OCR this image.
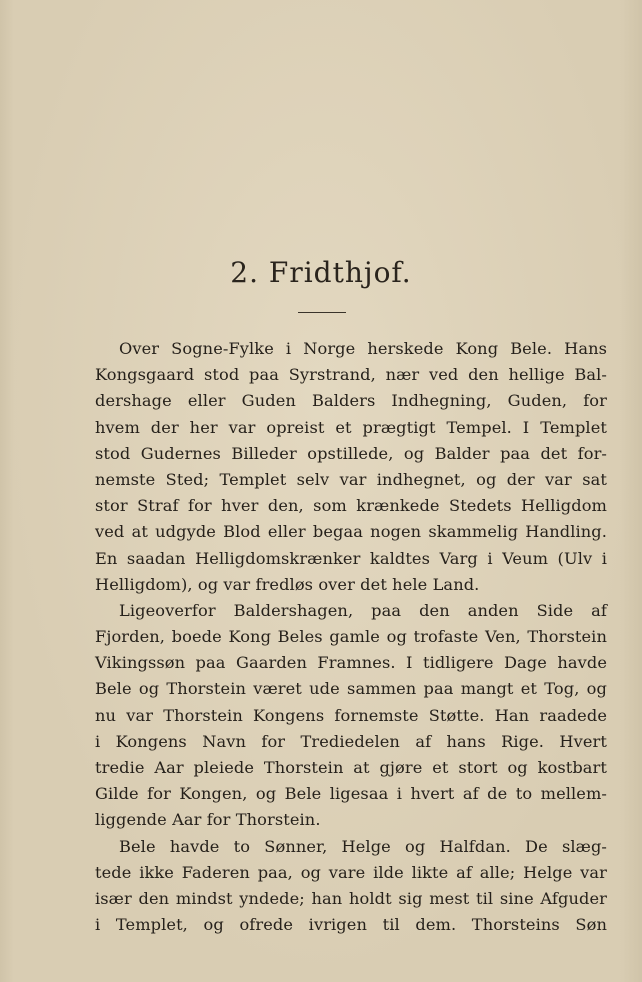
2. Fridthjof.
Over Sogne-Fylke i Norge herskede Kong Bele. Hans
Kongsgaard stod paa Syrstrand, nær ved den hellige Bal-
dershage eller Guden Balders Indhegning, Guden, for
hvem der her var opreist et prægtigt Tempel. I Templet
stod Gudernes Billeder opstillede, og Balder paa det for-
nemste Sted; Templet selv var indhegnet, og der var sat
stor Straf for hver den, som krænkede Stedets Helligdom
ved at udgyde Blod eller begaa nogen skammelig Handling.
En saadan Helligdomskrænker kaldtes Varg i Veum (Ulv i
Helligdom), og var fredløs over det hele Land.
Ligeoverfor Baldershagen, paa den anden Side af
Fjorden, boede Kong Beles gamle og trofaste Ven, Thorstein
Vikingssøn paa Gaarden Framnes. I tidligere Dage havde
Bele og Thorstein været ude sammen paa mangt et Tog, og
nu var Thorstein Kongens fornemste Støtte. Han raadede
i Kongens Navn for Trediedelen af hans Rige. Hvert
tredie Aar pleiede Thorstein at gjøre et stort og kostbart
Gilde for Kongen, og Bele ligesaa i hvert af de to mellem-
liggende Aar for Thorstein.
Bele havde to Sønner, Helge og Halfdan. De slæg-
tede ikke Faderen paa, og vare ilde likte af alle; Helge var
især den mindst yndede; han holdt sig mest til sine Afguder
i Templet, og ofrede ivrigen til dem. Thorsteins Søn
